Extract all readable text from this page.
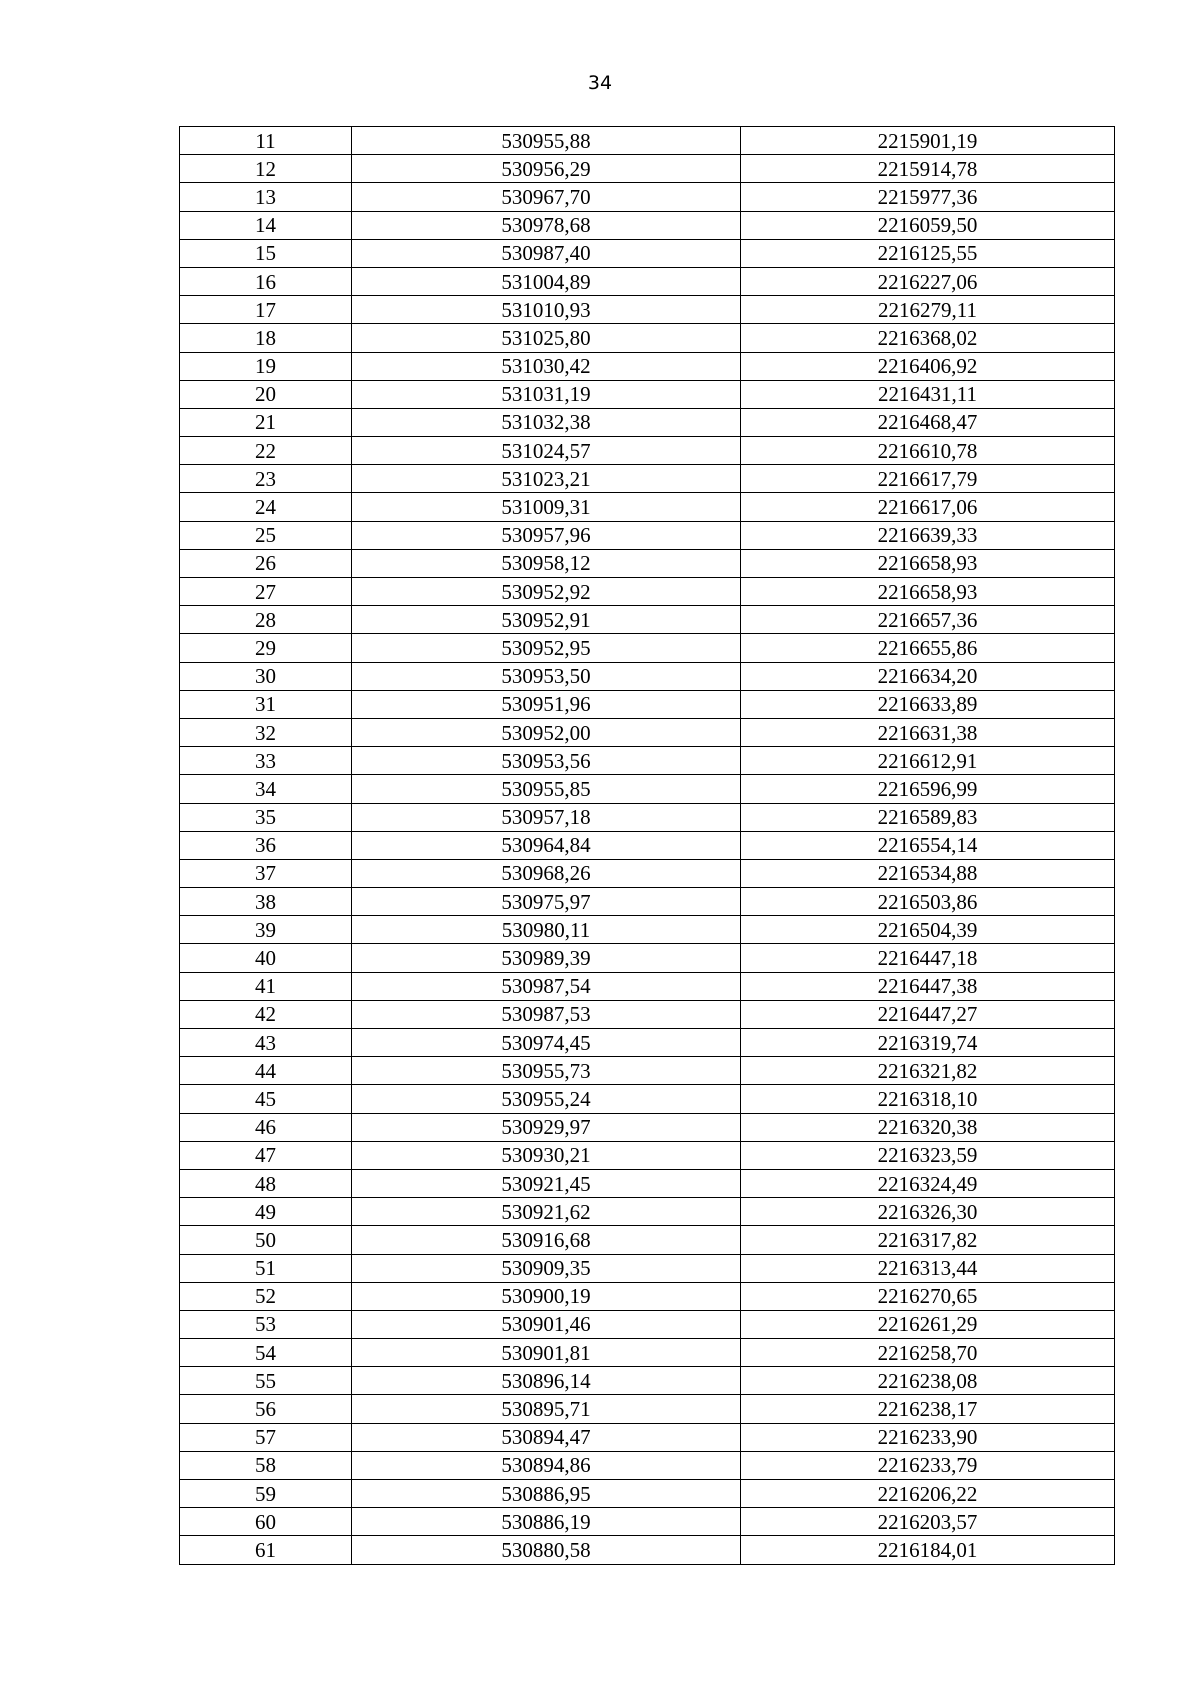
34
11	530955,88	2215901,19
12	530956,29	2215914,78
13	530967,70	2215977,36
14	530978,68	2216059,50
15	530987,40	2216125,55
16	531004,89	2216227,06
17	531010,93	2216279,11
18	531025,80	2216368,02
19	531030,42	2216406,92
20	531031,19	2216431,11
21	531032,38	2216468,47
22	531024,57	2216610,78
23	531023,21	2216617,79
24	531009,31	2216617,06
25	530957,96	2216639,33
26	530958,12	2216658,93
27	530952,92	2216658,93
28	530952,91	2216657,36
29	530952,95	2216655,86
30	530953,50	2216634,20
31	530951,96	2216633,89
32	530952,00	2216631,38
33	530953,56	2216612,91
34	530955,85	2216596,99
35	530957,18	2216589,83
36	530964,84	2216554,14
37	530968,26	2216534,88
38	530975,97	2216503,86
39	530980,11	2216504,39
40	530989,39	2216447,18
41	530987,54	2216447,38
42	530987,53	2216447,27
43	530974,45	2216319,74
44	530955,73	2216321,82
45	530955,24	2216318,10
46	530929,97	2216320,38
47	530930,21	2216323,59
48	530921,45	2216324,49
49	530921,62	2216326,30
50	530916,68	2216317,82
51	530909,35	2216313,44
52	530900,19	2216270,65
53	530901,46	2216261,29
54	530901,81	2216258,70
55	530896,14	2216238,08
56	530895,71	2216238,17
57	530894,47	2216233,90
58	530894,86	2216233,79
59	530886,95	2216206,22
60	530886,19	2216203,57
61	530880,58	2216184,01
